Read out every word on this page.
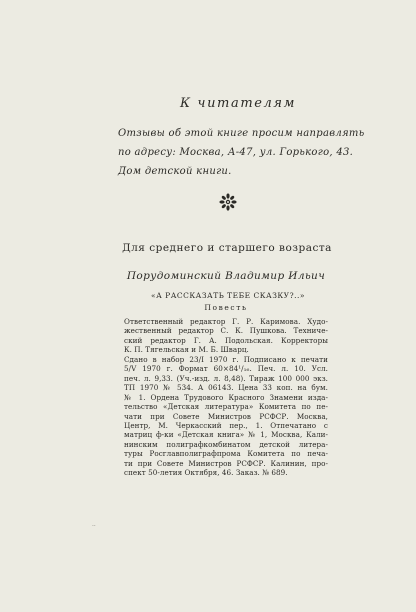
К читателям

Отзывы об этой книге просим направлять
по адресу: Москва, А-47, ул. Горького, 43.
Дом детской книги.

Для среднего и старшего возраста

Порудоминский Владимир Ильич

«А РАССКАЗАТЬ ТЕБЕ СКАЗКУ?..»

Повесть

Ответственный редактор Г. Р. Каримова. Худо-
жественный редактор С. К. Пушкова. Техниче-
ский редактор Г. А. Подольская. Корректоры
К. П. Тягельская и М. Б. Шварц.
Сдано в набор 23/I 1970 г. Подписано к печати
5/V 1970 г. Формат 60×84¹/₁₆. Печ. л. 10. Усл.
печ. л. 9,33. (Уч.-изд. л. 8,48). Тираж 100 000 экз.
ТП 1970 № 534. А 06143. Цена 33 коп. на бум.
№ 1. Ордена Трудового Красного Знамени изда-
тельство «Детская литература» Комитета по пе-
чати при Совете Министров РСФСР. Москва,
Центр, М. Черкасский пер., 1. Отпечатано с
матриц ф-ки «Детская книга» № 1, Москва, Кали-
нинским полиграфкомбинатом детской литера-
туры Росглавполиграфпрома Комитета по печа-
ти при Совете Министров РСФСР. Калинин, про-
спект 50-летия Октября, 46. Заказ. № 689.

··
